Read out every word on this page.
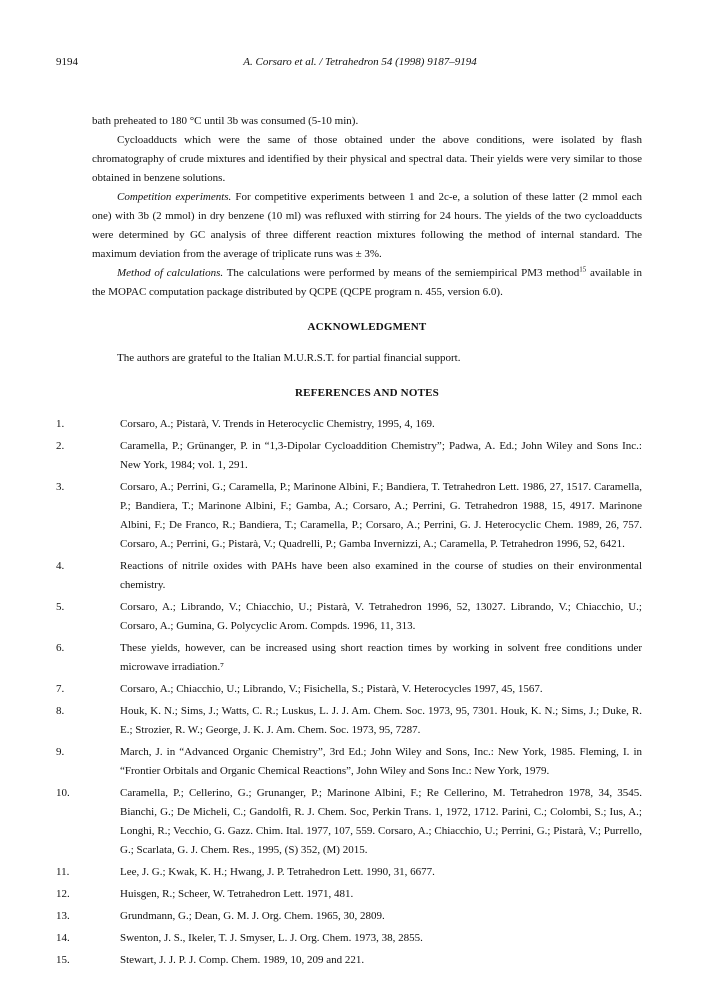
9194	A. Corsaro et al. / Tetrahedron 54 (1998) 9187–9194

bath preheated to 180 °C until 3b was consumed (5-10 min).

Cycloadducts which were the same of those obtained under the above conditions, were isolated by flash chromatography of crude mixtures and identified by their physical and spectral data. Their yields were very similar to those obtained in benzene solutions.

Competition experiments. For competitive experiments between 1 and 2c-e, a solution of these latter (2 mmol each one) with 3b (2 mmol) in dry benzene (10 ml) was refluxed with stirring for 24 hours. The yields of the two cycloadducts were determined by GC analysis of three different reaction mixtures following the method of internal standard. The maximum deviation from the average of triplicate runs was ± 3%.

Method of calculations. The calculations were performed by means of the semiempirical PM3 method$^{15}$ available in the MOPAC computation package distributed by QCPE (QCPE program n. 455, version 6.0).

ACKNOWLEDGMENT

The authors are grateful to the Italian M.U.R.S.T. for partial financial support.

REFERENCES AND NOTES
1.	Corsaro, A.; Pistarà, V. Trends in Heterocyclic Chemistry, 1995, 4, 169.
2.	Caramella, P.; Grünanger, P. in “1,3-Dipolar Cycloaddition Chemistry”; Padwa, A. Ed.; John Wiley and Sons Inc.: New York, 1984; vol. 1, 291.
3.	Corsaro, A.; Perrini, G.; Caramella, P.; Marinone Albini, F.; Bandiera, T. Tetrahedron Lett. 1986, 27, 1517. Caramella, P.; Bandiera, T.; Marinone Albini, F.; Gamba, A.; Corsaro, A.; Perrini, G. Tetrahedron 1988, 15, 4917. Marinone Albini, F.; De Franco, R.; Bandiera, T.; Caramella, P.; Corsaro, A.; Perrini, G. J. Heterocyclic Chem. 1989, 26, 757. Corsaro, A.; Perrini, G.; Pistarà, V.; Quadrelli, P.; Gamba Invernizzi, A.; Caramella, P. Tetrahedron 1996, 52, 6421.
4.	Reactions of nitrile oxides with PAHs have been also examined in the course of studies on their environmental chemistry.
5.	Corsaro, A.; Librando, V.; Chiacchio, U.; Pistarà, V. Tetrahedron 1996, 52, 13027. Librando, V.; Chiacchio, U.; Corsaro, A.; Gumina, G. Polycyclic Arom. Compds. 1996, 11, 313.
6.	These yields, however, can be increased using short reaction times by working in solvent free conditions under microwave irradiation.⁷
7.	Corsaro, A.; Chiacchio, U.; Librando, V.; Fisichella, S.; Pistarà, V. Heterocycles 1997, 45, 1567.
8.	Houk, K. N.; Sims, J.; Watts, C. R.; Luskus, L. J. J. Am. Chem. Soc. 1973, 95, 7301. Houk, K. N.; Sims, J.; Duke, R. E.; Strozier, R. W.; George, J. K. J. Am. Chem. Soc. 1973, 95, 7287.
9.	March, J. in “Advanced Organic Chemistry”, 3rd Ed.; John Wiley and Sons, Inc.: New York, 1985. Fleming, I. in “Frontier Orbitals and Organic Chemical Reactions”, John Wiley and Sons Inc.: New York, 1979.
10.	Caramella, P.; Cellerino, G.; Grunanger, P.; Marinone Albini, F.; Re Cellerino, M. Tetrahedron 1978, 34, 3545. Bianchi, G.; De Micheli, C.; Gandolfi, R. J. Chem. Soc, Perkin Trans. 1, 1972, 1712. Parini, C.; Colombi, S.; Ius, A.; Longhi, R.; Vecchio, G. Gazz. Chim. Ital. 1977, 107, 559. Corsaro, A.; Chiacchio, U.; Perrini, G.; Pistarà, V.; Purrello, G.; Scarlata, G. J. Chem. Res., 1995, (S) 352, (M) 2015.
11.	Lee, J. G.; Kwak, K. H.; Hwang, J. P. Tetrahedron Lett. 1990, 31, 6677.
12.	Huisgen, R.; Scheer, W. Tetrahedron Lett. 1971, 481.
13.	Grundmann, G.; Dean, G. M. J. Org. Chem. 1965, 30, 2809.
14.	Swenton, J. S., Ikeler, T. J. Smyser, L. J. Org. Chem. 1973, 38, 2855.
15.	Stewart, J. J. P. J. Comp. Chem. 1989, 10, 209 and 221.
